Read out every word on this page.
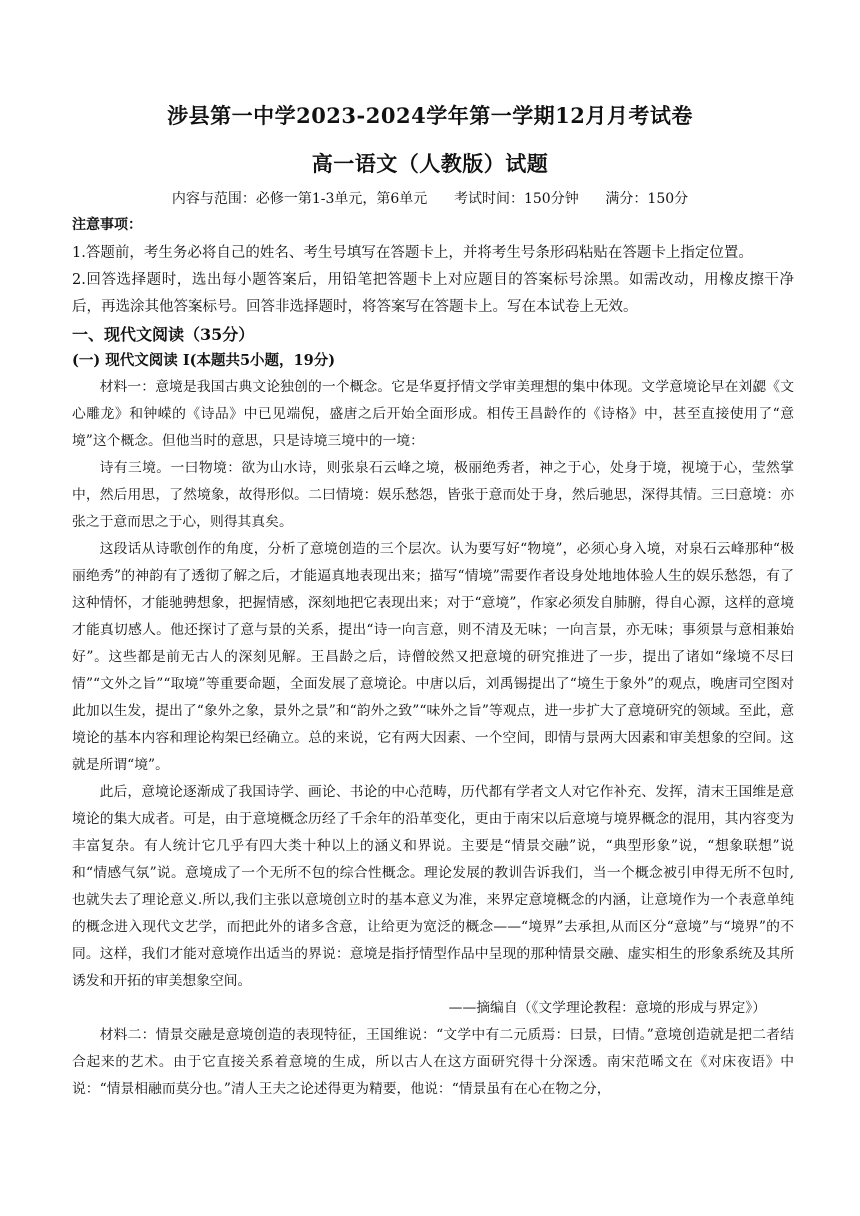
涉县第一中学2023-2024学年第一学期12月月考试卷
高一语文（人教版）试题
内容与范围：必修一第1-3单元，第6单元      考试时间：150分钟      满分：150分
注意事项：

1.答题前，考生务必将自己的姓名、考生号填写在答题卡上，并将考生号条形码粘贴在答题卡上指定位置。

2.回答选择题时，选出每小题答案后，用铅笔把答题卡上对应题目的答案标号涂黑。如需改动，用橡皮擦干净后，再选涂其他答案标号。回答非选择题时，将答案写在答题卡上。写在本试卷上无效。

一、现代文阅读（35分）
(一) 现代文阅读 I(本题共5小题，19分)

材料一：意境是我国古典文论独创的一个概念。它是华夏抒情文学审美理想的集中体现。文学意境论早在刘勰《文心雕龙》和钟嵘的《诗品》中已见端倪，盛唐之后开始全面形成。相传王昌龄作的《诗格》中，甚至直接使用了“意境”这个概念。但他当时的意思，只是诗境三境中的一境：

诗有三境。一曰物境：欲为山水诗，则张泉石云峰之境，极丽绝秀者，神之于心，处身于境，视境于心，莹然掌中，然后用思，了然境象，故得形似。二曰情境：娱乐愁怨，皆张于意而处于身，然后驰思，深得其情。三曰意境：亦张之于意而思之于心，则得其真矣。

这段话从诗歌创作的角度，分析了意境创造的三个层次。认为要写好“物境”，必须心身入境，对泉石云峰那种“极丽绝秀”的神韵有了透彻了解之后，才能逼真地表现出来；描写“情境”需要作者设身处地地体验人生的娱乐愁怨，有了这种情怀，才能驰骋想象，把握情感，深刻地把它表现出来；对于“意境”，作家必须发自肺腑，得自心源，这样的意境才能真切感人。他还探讨了意与景的关系，提出“诗一向言意，则不清及无味；一向言景，亦无味；事须景与意相兼始好”。这些都是前无古人的深刻见解。王昌龄之后，诗僧皎然又把意境的研究推进了一步，提出了诸如“缘境不尽曰情”“文外之旨”“取境”等重要命题，全面发展了意境论。中唐以后，刘禹锡提出了“境生于象外”的观点，晚唐司空图对此加以生发，提出了“象外之象，景外之景”和“韵外之致”“味外之旨”等观点，进一步扩大了意境研究的领域。至此，意境论的基本内容和理论构架已经确立。总的来说，它有两大因素、一个空间，即情与景两大因素和审美想象的空间。这就是所谓“境”。

此后，意境论逐渐成了我国诗学、画论、书论的中心范畴，历代都有学者文人对它作补充、发挥，清末王国维是意境论的集大成者。可是，由于意境概念历经了千余年的沿革变化，更由于南宋以后意境与境界概念的混用，其内容变为丰富复杂。有人统计它几乎有四大类十种以上的涵义和界说。主要是“情景交融”说，“典型形象”说，“想象联想”说和“情感气氛”说。意境成了一个无所不包的综合性概念。理论发展的教训告诉我们，当一个概念被引申得无所不包时,也就失去了理论意义.所以,我们主张以意境创立时的基本意义为准，来界定意境概念的内涵，让意境作为一个表意单纯的概念进入现代文艺学，而把此外的诸多含意，让给更为宽泛的概念——“境界”去承担,从而区分“意境”与“境界”的不同。这样，我们才能对意境作出适当的界说：意境是指抒情型作品中呈现的那种情景交融、虚实相生的形象系统及其所诱发和开拓的审美想象空间。

——摘编自（《文学理论教程：意境的形成与界定》）

材料二：情景交融是意境创造的表现特征，王国维说：“文学中有二元质焉：曰景，曰情。”意境创造就是把二者结合起来的艺术。由于它直接关系着意境的生成，所以古人在这方面研究得十分深透。南宋范晞文在《对床夜语》中说：“情景相融而莫分也。”清人王夫之论述得更为精要，他说：“情景虽有在心在物之分，
